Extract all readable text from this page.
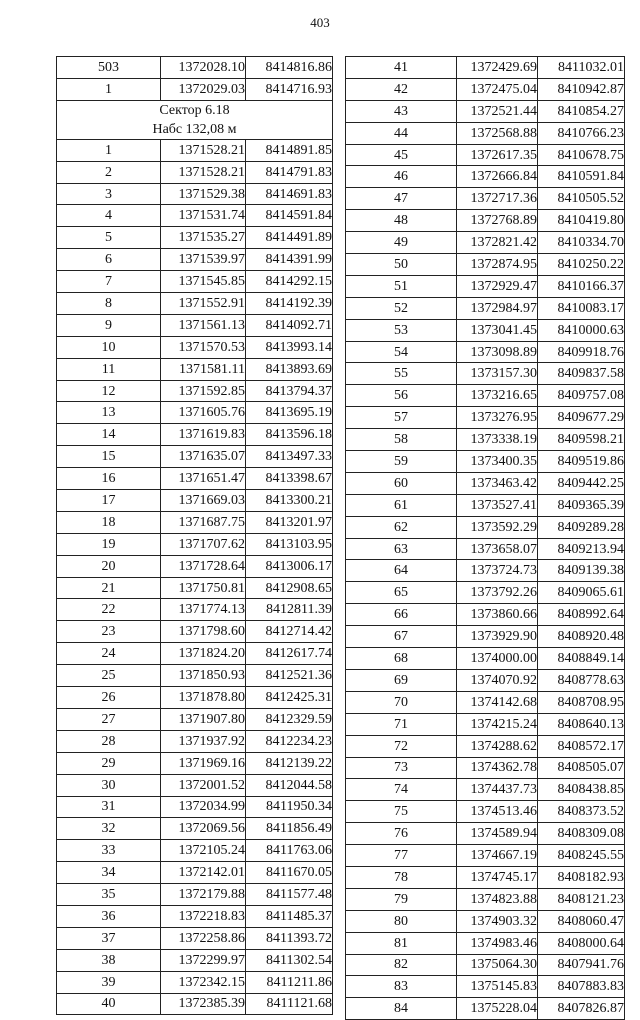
403
503	1372028.10	8414816.86
1	1372029.03	8414716.93

Сектор 6.18
Набс 132,08 м		

1	1371528.21	8414891.85
2	1371528.21	8414791.83
3	1371529.38	8414691.83
4	1371531.74	8414591.84
5	1371535.27	8414491.89
6	1371539.97	8414391.99
7	1371545.85	8414292.15
8	1371552.91	8414192.39
9	1371561.13	8414092.71
10	1371570.53	8413993.14
11	1371581.11	8413893.69
12	1371592.85	8413794.37
13	1371605.76	8413695.19
14	1371619.83	8413596.18
15	1371635.07	8413497.33
16	1371651.47	8413398.67
17	1371669.03	8413300.21
18	1371687.75	8413201.97
19	1371707.62	8413103.95
20	1371728.64	8413006.17
21	1371750.81	8412908.65
22	1371774.13	8412811.39
23	1371798.60	8412714.42
24	1371824.20	8412617.74
25	1371850.93	8412521.36
26	1371878.80	8412425.31
27	1371907.80	8412329.59
28	1371937.92	8412234.23
29	1371969.16	8412139.22
30	1372001.52	8412044.58
31	1372034.99	8411950.34
32	1372069.56	8411856.49
33	1372105.24	8411763.06
34	1372142.01	8411670.05
35	1372179.88	8411577.48
36	1372218.83	8411485.37
37	1372258.86	8411393.72
38	1372299.97	8411302.54
39	1372342.15	8411211.86
40	1372385.39	8411121.68
41	1372429.69	8411032.01
42	1372475.04	8410942.87
43	1372521.44	8410854.27
44	1372568.88	8410766.23
45	1372617.35	8410678.75
46	1372666.84	8410591.84
47	1372717.36	8410505.52
48	1372768.89	8410419.80
49	1372821.42	8410334.70
50	1372874.95	8410250.22
51	1372929.47	8410166.37
52	1372984.97	8410083.17
53	1373041.45	8410000.63
54	1373098.89	8409918.76
55	1373157.30	8409837.58
56	1373216.65	8409757.08
57	1373276.95	8409677.29
58	1373338.19	8409598.21
59	1373400.35	8409519.86
60	1373463.42	8409442.25
61	1373527.41	8409365.39
62	1373592.29	8409289.28
63	1373658.07	8409213.94
64	1373724.73	8409139.38
65	1373792.26	8409065.61
66	1373860.66	8408992.64
67	1373929.90	8408920.48
68	1374000.00	8408849.14
69	1374070.92	8408778.63
70	1374142.68	8408708.95
71	1374215.24	8408640.13
72	1374288.62	8408572.17
73	1374362.78	8408505.07
74	1374437.73	8408438.85
75	1374513.46	8408373.52
76	1374589.94	8408309.08
77	1374667.19	8408245.55
78	1374745.17	8408182.93
79	1374823.88	8408121.23
80	1374903.32	8408060.47
81	1374983.46	8408000.64
82	1375064.30	8407941.76
83	1375145.83	8407883.83
84	1375228.04	8407826.87
